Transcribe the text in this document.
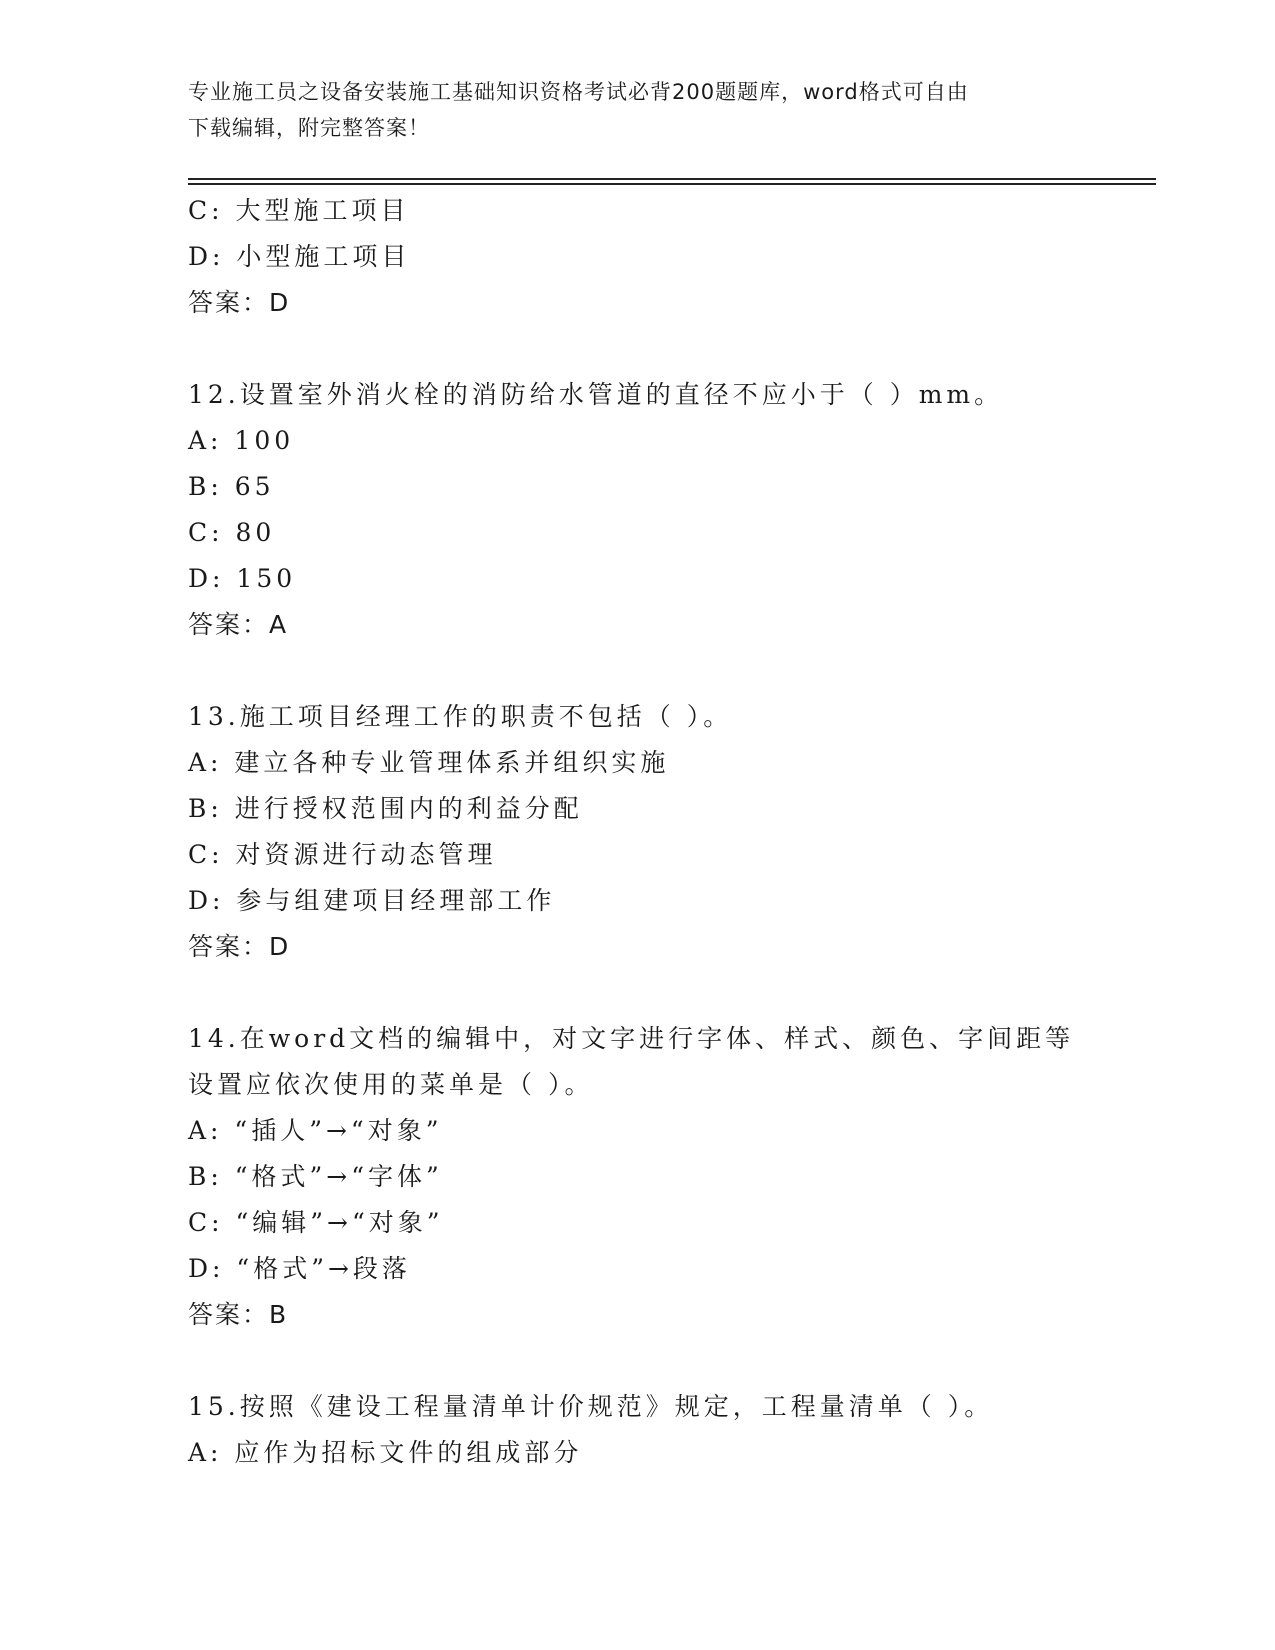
专业施工员之设备安装施工基础知识资格考试必背200题题库，word格式可自由
下载编辑，附完整答案！
C: 大型施工项目
D: 小型施工项目
答案：D
12.设置室外消火栓的消防给水管道的直径不应小于（ ）mm。
A: 100
B: 65
C: 80
D: 150
答案：A
13.施工项目经理工作的职责不包括（ ）。
A: 建立各种专业管理体系并组织实施
B: 进行授权范围内的利益分配
C: 对资源进行动态管理
D: 参与组建项目经理部工作
答案：D
14.在word文档的编辑中，对文字进行字体、样式、颜色、字间距等
设置应依次使用的菜单是（ ）。
A: “插人”→“对象”
B: “格式”→“字体”
C: “编辑”→“对象”
D: “格式”→段落
答案：B
15.按照《建设工程量清单计价规范》规定，工程量清单（ ）。
A: 应作为招标文件的组成部分
